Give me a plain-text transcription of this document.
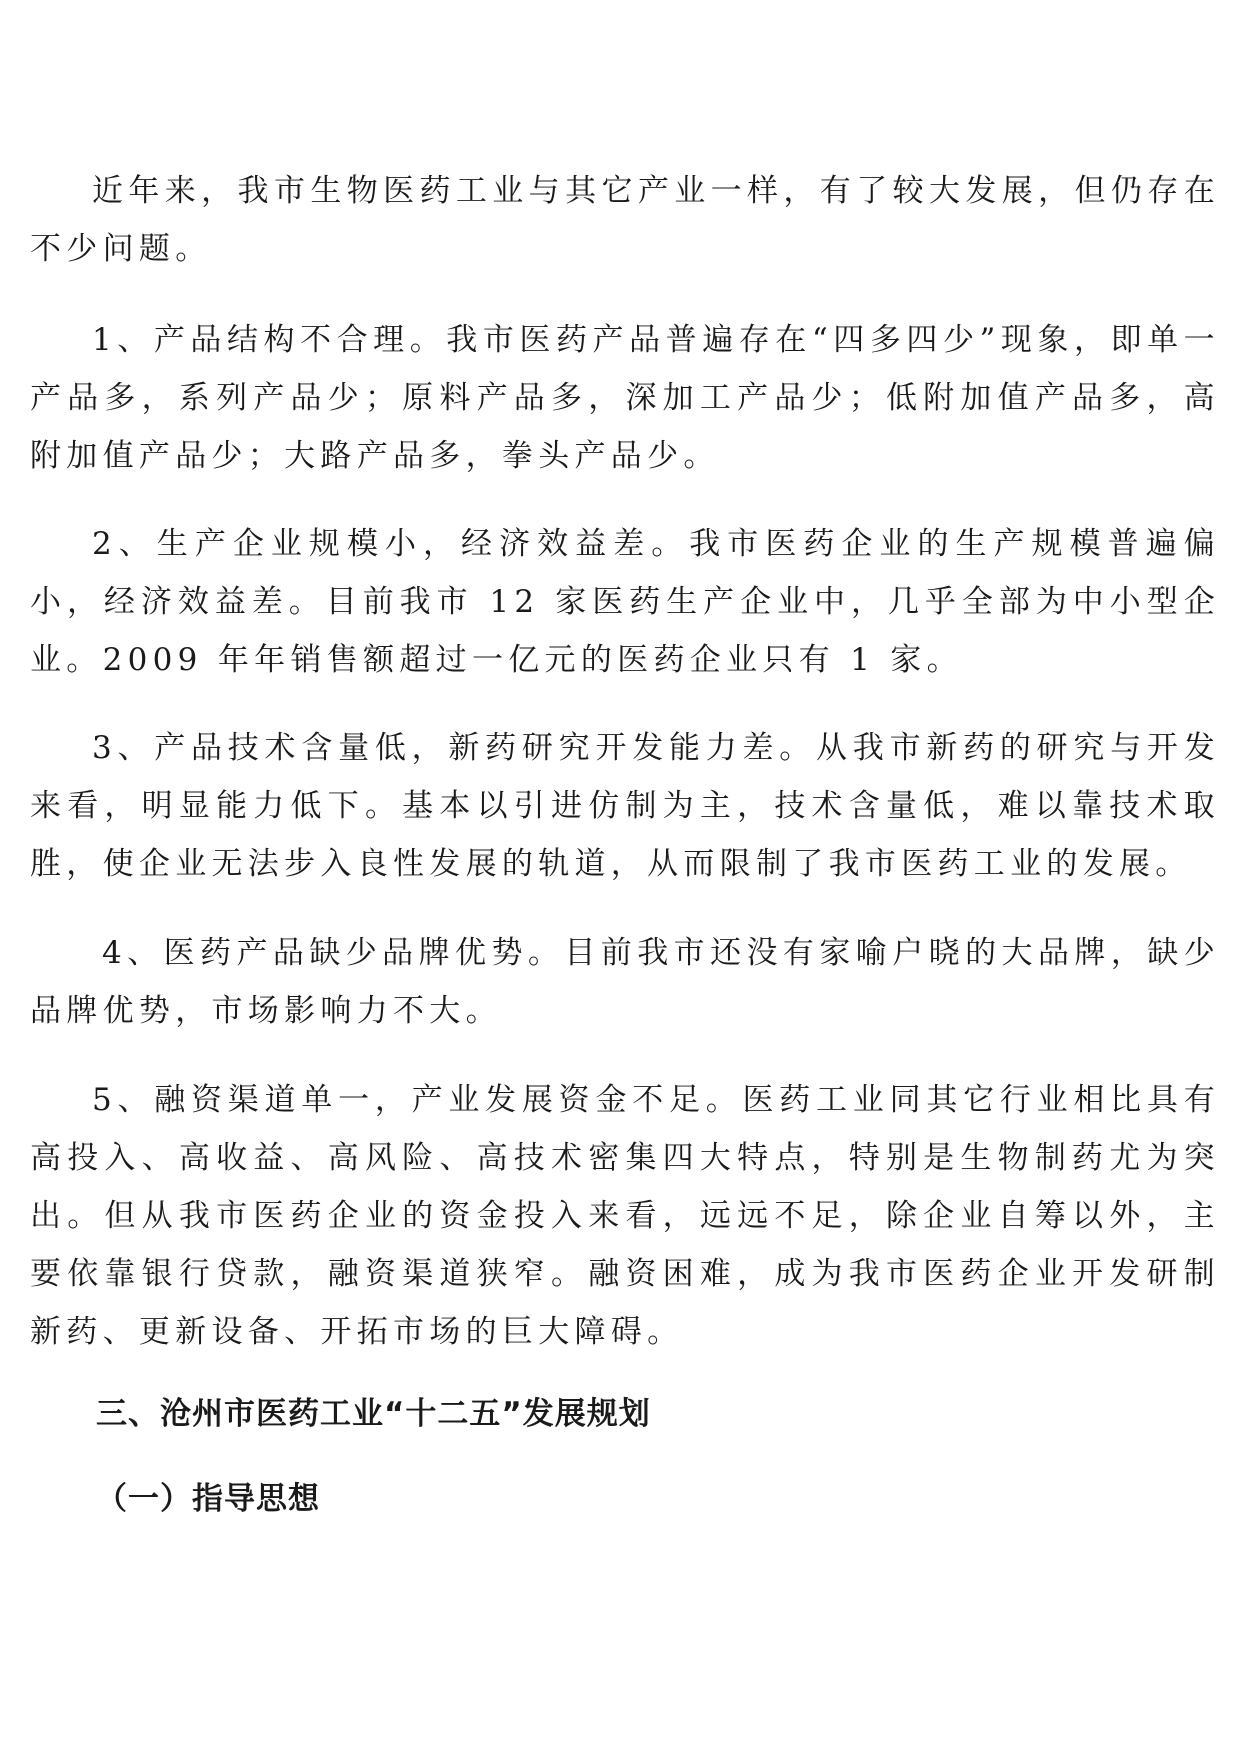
近年来，我市生物医药工业与其它产业一样，有了较大发展，但仍存在不少问题。

1、产品结构不合理。我市医药产品普遍存在“四多四少”现象，即单一产品多，系列产品少；原料产品多，深加工产品少；低附加值产品多，高附加值产品少；大路产品多，拳头产品少。

2、生产企业规模小，经济效益差。我市医药企业的生产规模普遍偏小，经济效益差。目前我市 12 家医药生产企业中，几乎全部为中小型企业。2009 年年销售额超过一亿元的医药企业只有 1 家。

3、产品技术含量低，新药研究开发能力差。从我市新药的研究与开发来看，明显能力低下。基本以引进仿制为主，技术含量低，难以靠技术取胜，使企业无法步入良性发展的轨道，从而限制了我市医药工业的发展。

4、医药产品缺少品牌优势。目前我市还没有家喻户晓的大品牌，缺少品牌优势，市场影响力不大。

5、融资渠道单一，产业发展资金不足。医药工业同其它行业相比具有高投入、高收益、高风险、高技术密集四大特点，特别是生物制药尤为突出。但从我市医药企业的资金投入来看，远远不足，除企业自筹以外，主要依靠银行贷款，融资渠道狭窄。融资困难，成为我市医药企业开发研制新药、更新设备、开拓市场的巨大障碍。

三、沧州市医药工业“十二五”发展规划
（一）指导思想
